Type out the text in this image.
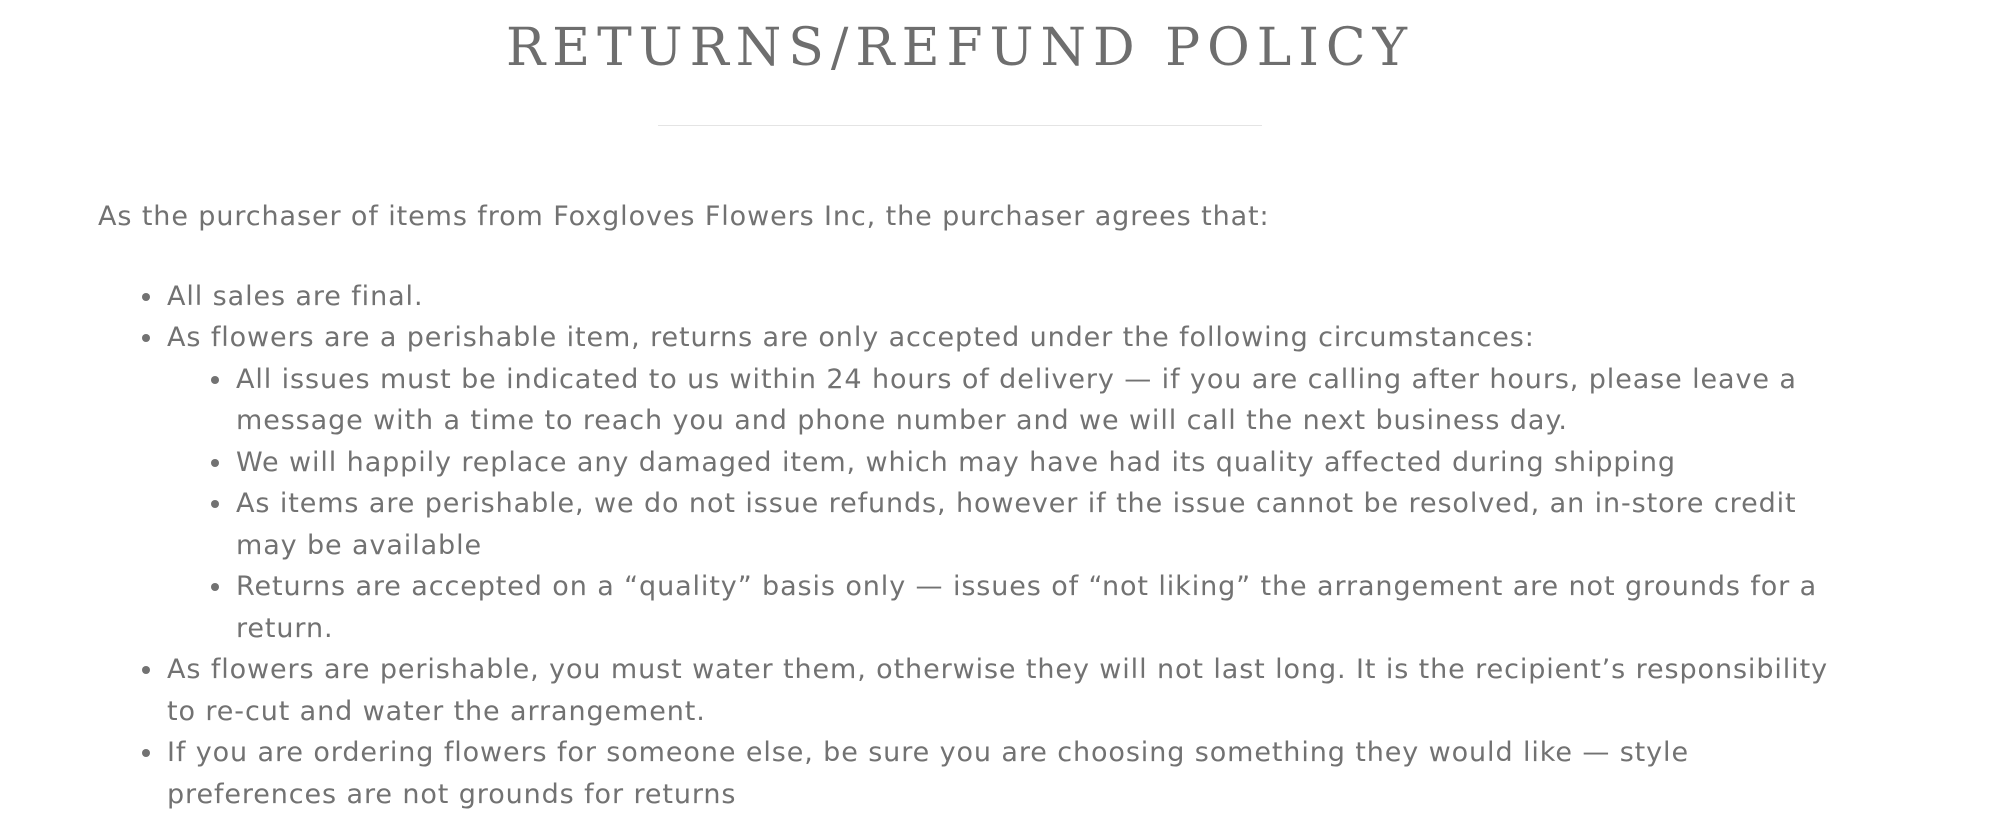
RETURNS/REFUND POLICY

As the purchaser of items from Foxgloves Flowers Inc, the purchaser agrees that:

All sales are final.
As flowers are a perishable item, returns are only accepted under the following circumstances:
All issues must be indicated to us within 24 hours of delivery — if you are calling after hours, please leave a message with a time to reach you and phone number and we will call the next business day.
We will happily replace any damaged item, which may have had its quality affected during shipping
As items are perishable, we do not issue refunds, however if the issue cannot be resolved, an in-store credit may be available
Returns are accepted on a “quality” basis only — issues of “not liking” the arrangement are not grounds for a return.
As flowers are perishable, you must water them, otherwise they will not last long. It is the recipient’s responsibility to re-cut and water the arrangement.
If you are ordering flowers for someone else, be sure you are choosing something they would like — style preferences are not grounds for returns
